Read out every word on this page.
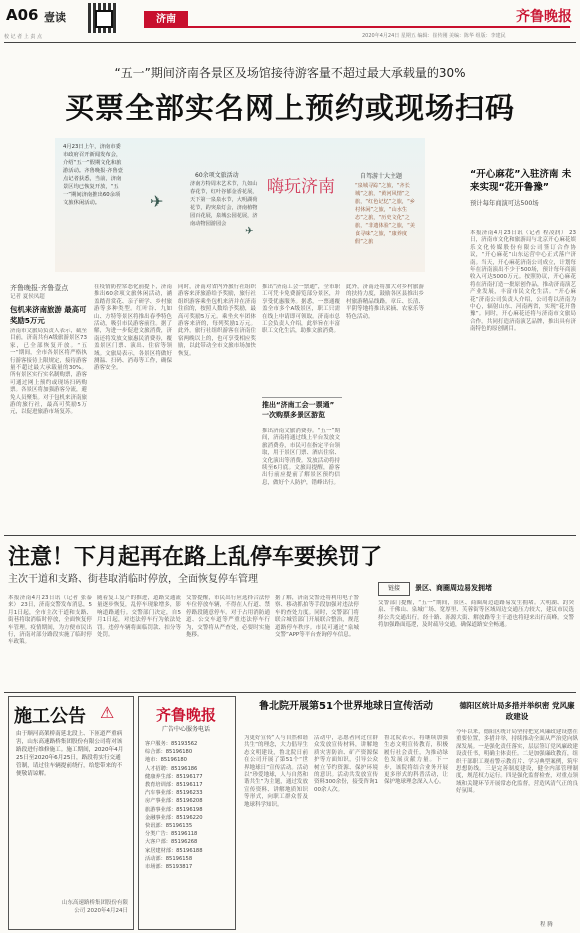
A06 壹读	济南	齐鲁晚报
校 记 者 上 责 点	2020年4月24日 星期五 编辑：崔传刚 美编：陈华 组版：李建民
“五一”期间济南各景区及场馆接待游客量不超过最大承载量的30%
买票全部实名网上预约或现场扫码
4月23日上午，济南市委市政府召开新闻发布会，介绍“五一”假期文化和旅游活动。齐鲁晚报·齐鲁壹点记者获悉，当前，济南景区均已恢复开放，“五一”期间济南推出60余项文旅休闲活动。	✈
✈
60余项文旅活动
济南方特周末艺术节，九如山春花节，红叶谷郁金香花展，天下第一泉泉水节，大明湖荷花节，趵突泉灯会，济南植物园百花展，泉城公园花展，济南动物园游园会
嗨玩济南
自驾游十大主题
“泉城寻踪”之旅，“齐长城”之旅，“黄河风情”之旅，“红色记忆”之旅，“乡村休闲”之旅，“山水生态”之旅，“历史文化”之旅，“非遗体验”之旅，“美食寻味”之旅，“康养度假”之旅
“开心麻花”入驻济南 未来实现“花开鲁豫”
预计每年商演可达500场
本报济南4月23日讯（记者 程凌润） 23日，济南市文化和旅游局与北京开心麻花娱乐文化传媒股份有限公司签订合作协议，“开心麻花”山东运营中心正式落户济南。当天，开心麻花济南公司成立，计划每年在济南演出不少于500场，预计每年商演收入可达5000万元。按照协议，开心麻花将在济南打造一批原创作品，推动济南演艺产业发展，丰富市民文化生活。“开心麻花”济南公司负责人介绍，公司将以济南为中心，辐射山东、河南两省，实现“花开鲁豫”。同时，开心麻花还将与济南市文旅局合作，共同打造济南演艺品牌，推出具有济南特色的原创剧目。
齐鲁晚报·齐鲁壹点
记者 夏侯凤超
包机来济南旅游 最高可奖励5万元
济南市文旅局负责人表示，截至目前，济南共有A级旅游景区73家，已全部恢复开放。“五一”期间，全市各景区将严格执行游客接待上限规定，接待游客量不超过最大承载量的30%。所有景区实行实名制购票，游客可通过网上预约或现场扫码购票。各景区将加强游客分流，避免人员聚集。对于包机来济南旅游的旅行社，最高可奖励5万元，以促进旅游市场复苏。
在疫情防控常态化前提下，济南推出60余项文旅休闲活动，涵盖踏青赏花、亲子研学、乡村旅游等多种类型。红叶谷、九如山、方特等景区将推出春季特色活动，吸引市民游客前往。据了解，为进一步促进文旅消费，济南还将发放文旅惠民消费券，覆盖景区门票、演出、住宿等领域。文旅局表示，各景区将做好测温、扫码、消毒等工作，确保游客安全。
同时，济南对省内外旅行社组织游客来济旅游给予奖励，旅行社组织游客乘坐包机来济并在济南住宿的，按照人数给予奖励，最高可奖励5万元。乘坐火车团体游客来济的，每列奖励1万元。此外，旅行社组织游客在济南住宿两晚以上的，也可享受相应奖励，以此带动全市文旅市场加快恢复。
推出“济南工会一票通”，全市职工可凭卡免费游览部分景区，并享受优惠服务。据悉，一票通覆盖全市多个A级景区，职工只需在线上申请即可领取。济南市总工会负责人介绍，此举旨在丰富职工文化生活，助推文旅消费。
推出“济南工会一票通” 一次购票多景区游览
推出济南文旅消费券。“五一”期间，济南将通过线上平台发放文旅消费券，市民可在指定平台领取，用于景区门票、酒店住宿、文化演出等消费。发放活动将持续至6月底。文旅局提醒，游客出行前应提前了解景区预约信息，做好个人防护，错峰出行。
此外，济南还将加大对乡村旅游的扶持力度，鼓励各区县推出乡村旅游精品线路。章丘、长清、平阴等地将推出采摘、农家乐等特色活动。
注意！下月起再在路上乱停车要挨罚了
主次干道和支路、街巷取消临时停放，全面恢复停车管理
本报济南4月23日讯（记者 张泰来） 23日，济南交警发布消息，5月1日起，全市主次干道和支路、街巷将取消临时停放，全面恢复停车管理。疫情期间，为方便市民出行，济南对部分路段实施了临时停车政策。
随着复工复产的推进，道路交通流量逐步恢复，乱停车现象增多，影响道路通行。交警部门决定，自5月1日起，对违法停车行为依法处罚。违停车辆将面临罚款、扣分等处罚。
交警提醒，市民出行应选择合法停车位停放车辆，不得在人行道、禁停路段随意停车。对于占用消防通道、公交车道等严重违法停车行为，交警将从严查处，必要时实施拖移。
据了解，济南交警还将利用电子警察、移动抓拍等手段加强对违法停车的查处力度。同时，交警部门将联合城管部门开展联合整治，规范道路停车秩序。市民可通过“泉城交警”APP等平台查询停车信息。
链接	景区、商圈周边易发拥堵
交警部门提醒，“五一”期间，景区、商圈周边道路易发生拥堵。大明湖、趵突泉、千佛山、泉城广场、宽厚里、芙蓉街等区域周边交通压力较大，建议市民选择公共交通出行。经十路、泺源大街、解放路等主干道也将迎来出行高峰。交警将加强路面巡逻，及时疏导交通，确保道路安全畅通。
施工公告 ⚠
由于顺河高架桥南延北段上、下匝道严重病害，山东高速路桥集团股份有限公司将对该路段进行维修施工。施工期间，2020年4月25日至2020年6月25日，路段将实行交通管制，请过往车辆提前绕行，给您带来的不便敬请谅解。
山东高速路桥集团股份有限公司 2020年4月24日
齐鲁晚报
广告中心服务电话
客户服务：85193562
综合部：85196180
地市：85196180
人才招聘：85196186
健康养生部：85196177
教育培训部：85196117
汽车事业部：85196233
房产事业部：85196208
旅游事业部：85196198
金融事业部：85196220
快讯部：85196135
分类广告：85196118
大客户部：85196268
家居建材部：85196188
活动部：85196158
市场部：85193817
鲁北院开展第51个世界地球日宣传活动
为更好宣传“人与自然和谐共生”的理念，大力倡导生态文明建设，鲁北院日前在公司开展了第51个“世界地球日”宣传活动。活动以“珍爱地球，人与自然和谐共生”为主题，通过发放宣传资料、讲解地质知识等形式，向职工群众普及地球科学知识。
活动中，志愿者向过往群众发放宣传材料，讲解地质灾害防治、矿产资源保护等方面知识，引导公众树立节约资源、保护环境的意识。活动共发放宣传资料300余份，接受咨询100余人次。
鲁北院表示，将继续加强生态文明宣传教育，积极履行社会责任，为推动绿色发展贡献力量。下一步，该院将结合业务开展更多形式的科普活动，让保护地球理念深入人心。
德阳区统计局多措并举织密 党风廉政建设
今年以来，德阳区统计局坚持把党风廉政建设摆在重要位置，多措并举，持续推动全面从严治党向纵深发展。一是强化责任落实，层层签订党风廉政建设责任书，明确主体责任。二是加强廉政教育，组织干部职工观看警示教育片、学习典型案例，筑牢思想防线。三是完善制度建设，健全内部管理制度，规范权力运行。四是强化监督检查，对重点领域和关键环节开展常态化监督，营造风清气正的良好氛围。
程 腾
